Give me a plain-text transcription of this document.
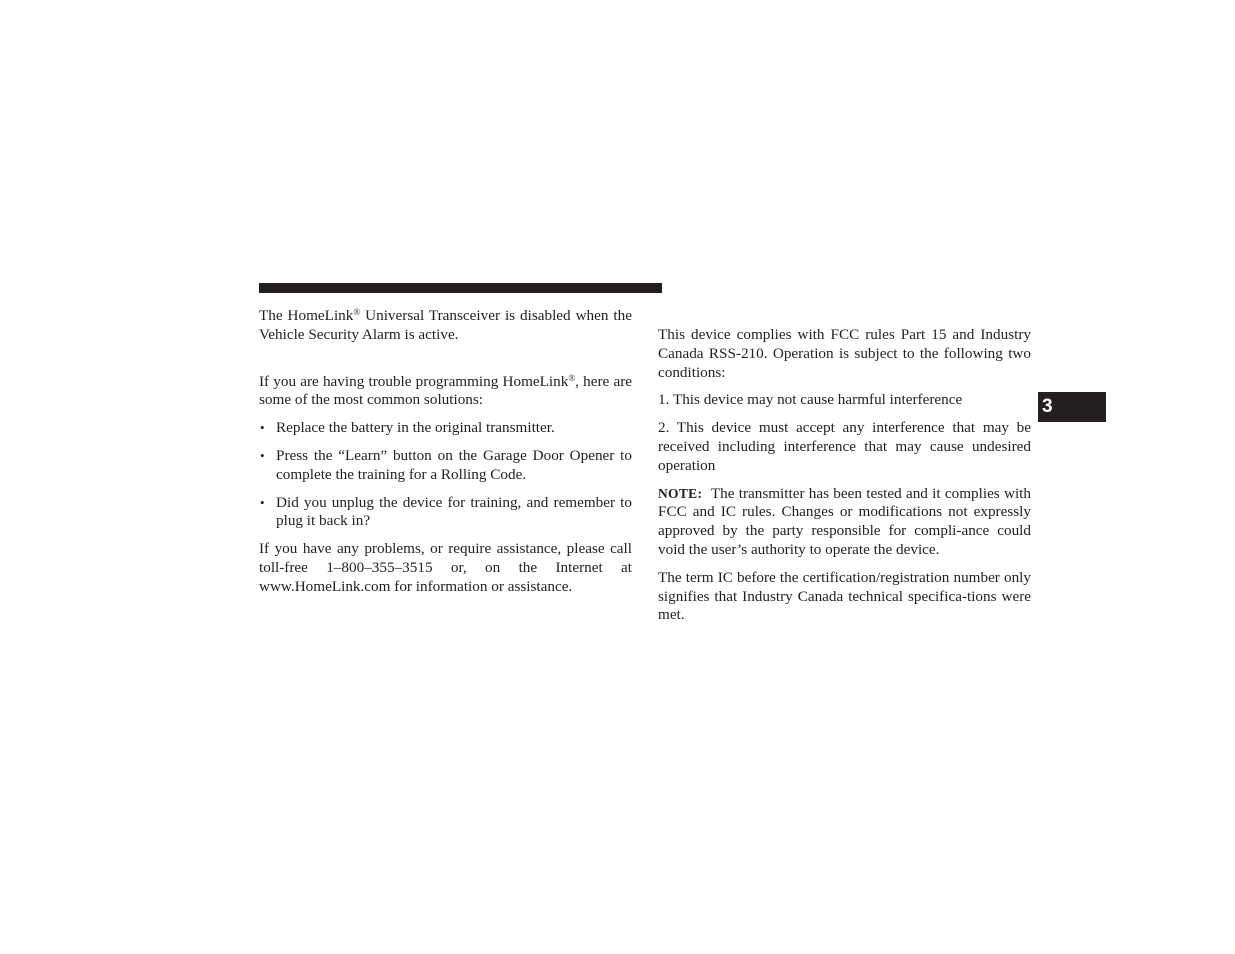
The HomeLink® Universal Transceiver is disabled when the Vehicle Security Alarm is active.

If you are having trouble programming HomeLink®, here are some of the most common solutions:

• Replace the battery in the original transmitter.
• Press the “Learn” button on the Garage Door Opener to complete the training for a Rolling Code.
• Did you unplug the device for training, and remember to plug it back in?

If you have any problems, or require assistance, please call toll-free 1–800–355–3515 or, on the Internet at www.HomeLink.com for information or assistance.

This device complies with FCC rules Part 15 and Industry Canada RSS-210. Operation is subject to the following two conditions:

1. This device may not cause harmful interference

2. This device must accept any interference that may be received including interference that may cause undesired operation

NOTE: The transmitter has been tested and it complies with FCC and IC rules. Changes or modifications not expressly approved by the party responsible for compli-ance could void the user’s authority to operate the device.

The term IC before the certification/registration number only signifies that Industry Canada technical specifica-tions were met.

3
